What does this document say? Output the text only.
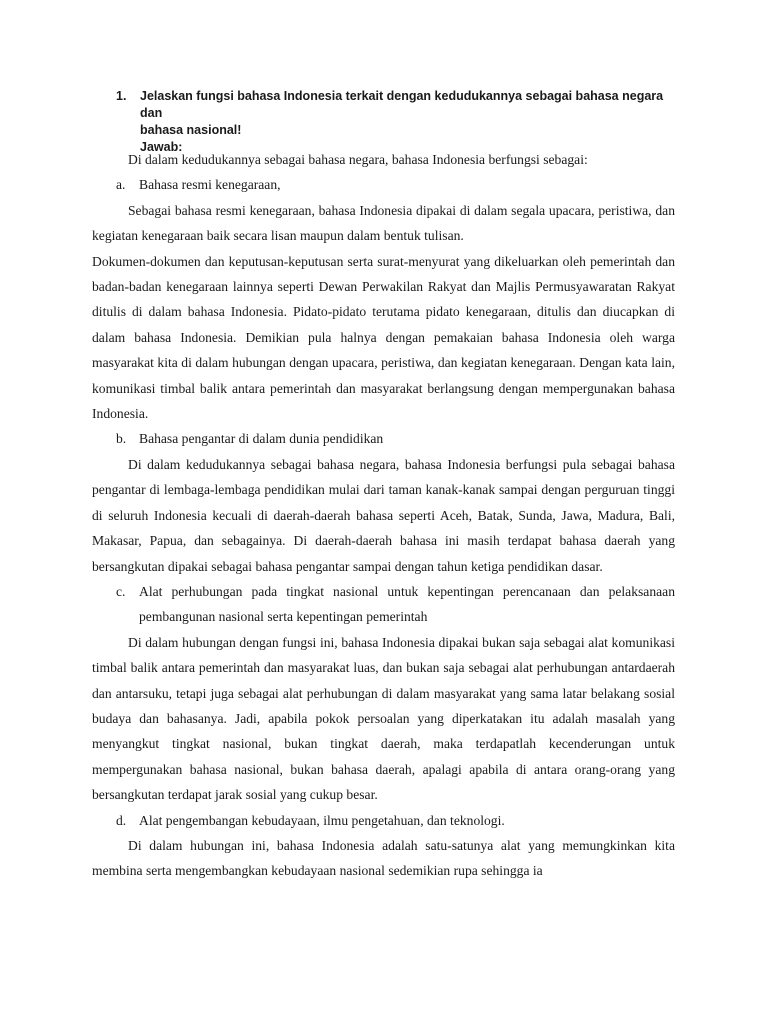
1. Jelaskan fungsi bahasa Indonesia terkait dengan kedudukannya sebagai bahasa negara dan
bahasa nasional!
Jawab:

Di dalam kedudukannya sebagai bahasa negara, bahasa Indonesia berfungsi sebagai:

a. Bahasa resmi kenegaraan,

Sebagai bahasa resmi kenegaraan, bahasa Indonesia dipakai di dalam segala upacara, peristiwa, dan kegiatan kenegaraan baik secara lisan maupun dalam bentuk tulisan.

Dokumen-dokumen dan keputusan-keputusan serta surat-menyurat yang dikeluarkan oleh pemerintah dan badan-badan kenegaraan lainnya seperti Dewan Perwakilan Rakyat dan Majlis Permusyawaratan Rakyat ditulis di dalam bahasa Indonesia. Pidato-pidato terutama pidato kenegaraan, ditulis dan diucapkan di dalam bahasa Indonesia. Demikian pula halnya dengan pemakaian bahasa Indonesia oleh warga masyarakat kita di dalam hubungan dengan upacara, peristiwa, dan kegiatan kenegaraan. Dengan kata lain, komunikasi timbal balik antara pemerintah dan masyarakat berlangsung dengan mempergunakan bahasa Indonesia.

b. Bahasa pengantar di dalam dunia pendidikan

Di dalam kedudukannya sebagai bahasa negara, bahasa Indonesia berfungsi pula sebagai bahasa pengantar di lembaga-lembaga pendidikan mulai dari taman kanak-kanak sampai dengan perguruan tinggi di seluruh Indonesia kecuali di daerah-daerah bahasa seperti Aceh, Batak, Sunda, Jawa, Madura, Bali, Makasar, Papua, dan sebagainya. Di daerah-daerah bahasa ini masih terdapat bahasa daerah yang bersangkutan dipakai sebagai bahasa pengantar sampai dengan tahun ketiga pendidikan dasar.

c. Alat perhubungan pada tingkat nasional untuk kepentingan perencanaan dan pelaksanaan pembangunan nasional serta kepentingan pemerintah

Di dalam hubungan dengan fungsi ini, bahasa Indonesia dipakai bukan saja sebagai alat komunikasi timbal balik antara pemerintah dan masyarakat luas, dan bukan saja sebagai alat perhubungan antardaerah dan antarsuku, tetapi juga sebagai alat perhubungan di dalam masyarakat yang sama latar belakang sosial budaya dan bahasanya. Jadi, apabila pokok persoalan yang diperkatakan itu adalah masalah yang menyangkut tingkat nasional, bukan tingkat daerah, maka terdapatlah kecenderungan untuk mempergunakan bahasa nasional, bukan bahasa daerah, apalagi apabila di antara orang-orang yang bersangkutan terdapat jarak sosial yang cukup besar.

d. Alat pengembangan kebudayaan, ilmu pengetahuan, dan teknologi.

Di dalam hubungan ini, bahasa Indonesia adalah satu-satunya alat yang memungkinkan kita membina serta mengembangkan kebudayaan nasional sedemikian rupa sehingga ia
